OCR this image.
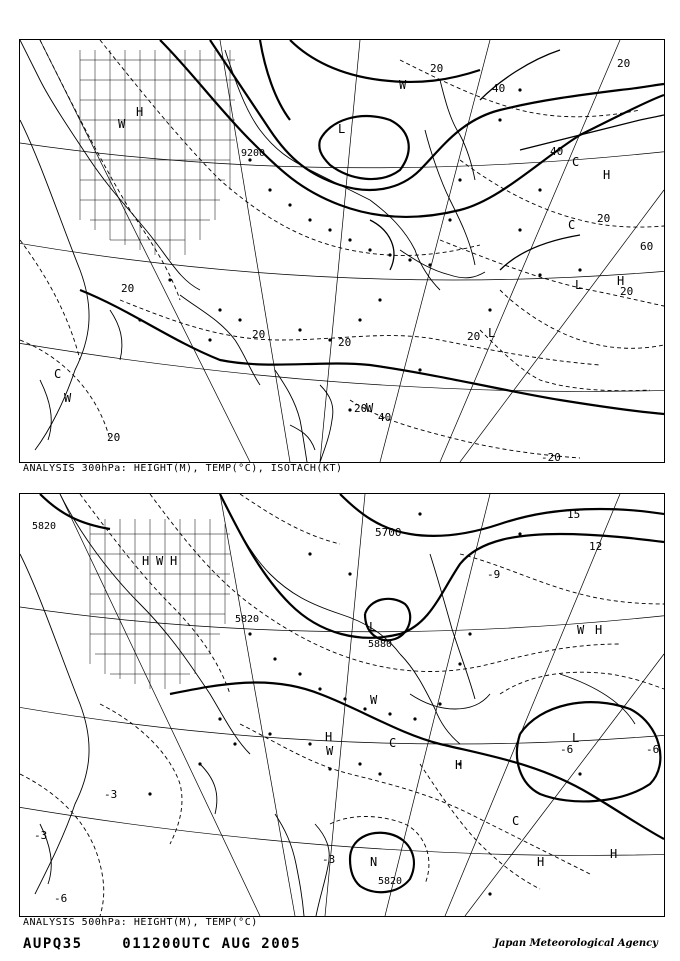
H
W	L
C
W
9200
20
20
20
40
40
20
20
C
H
C
L	H
20
L
20
W
40
20
20
-20
60
20
W
ANALYSIS 300hPa: HEIGHT(M), TEMP(°C), ISOTACH(KT)
5820	5700
5820
5880
H W H
W
L
W
H	C
H
15
12
-9
W H
L
-6	-6
-3
-3
C
H
H
N
5820
-6
-3
ANALYSIS 500hPa: HEIGHT(M), TEMP(°C)
AUPQ35	011200UTC AUG 2005	Japan Meteorological Agency
